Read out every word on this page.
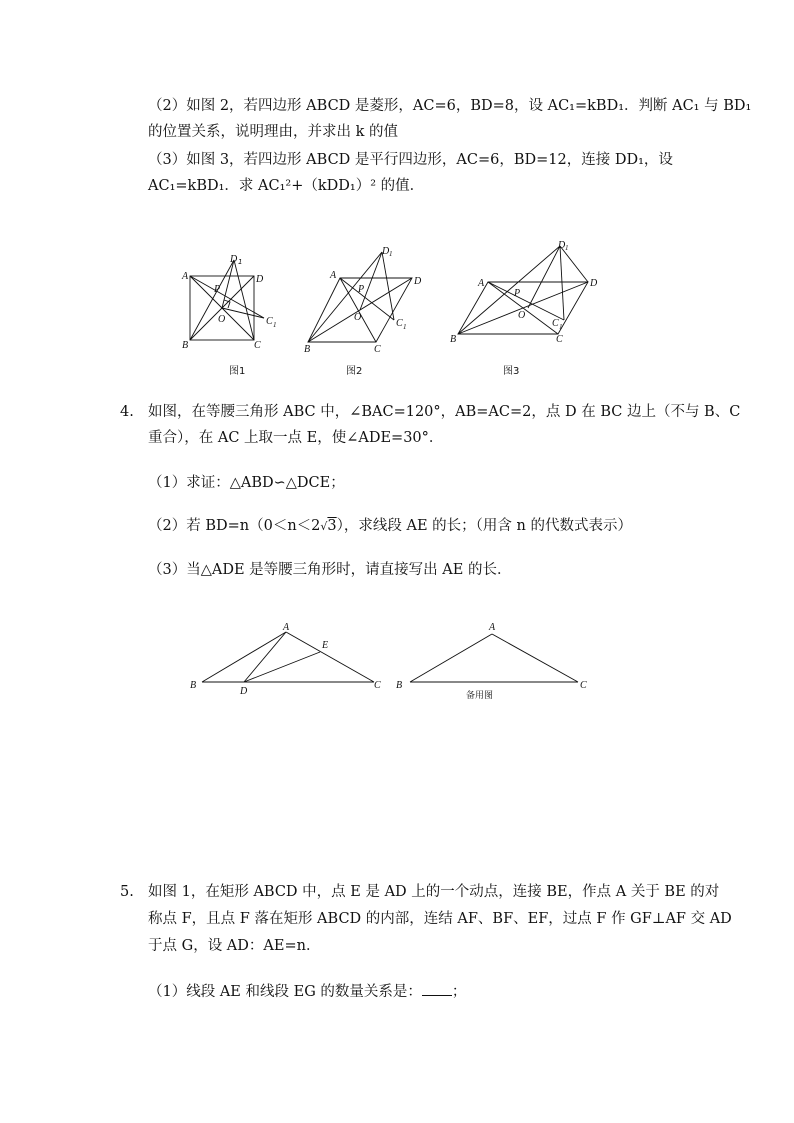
（2）如图 2，若四边形 ABCD 是菱形，AC=6，BD=8，设 AC₁=kBD₁．判断 AC₁ 与 BD₁
的位置关系，说明理由，并求出 k 的值
（3）如图 3，若四边形 ABCD 是平行四边形，AC=6，BD=12，连接 DD₁，设
AC₁=kBD₁．求 AC₁²+（kDD₁）² 的值．
A	D
B	C
D 1
C 1
P
O
图1
A
D
B	C
D 1
C 1
P
O
图2
A	D
B	C
D 1
C 1
P
O
图3
4. 如图，在等腰三角形 ABC 中，∠BAC=120°，AB=AC=2，点 D 在 BC 边上（不与 B、C
重合），在 AC 上取一点 E，使∠ADE=30°．
（1）求证：△ABD∽△DCE；
（2）若 BD=n（0＜n＜2√3），求线段 AE 的长；（用含 n 的代数式表示）
（3）当△ADE 是等腰三角形时，请直接写出 AE 的长．
A
B	C
D
E
A
B	C
备用图
5. 如图 1，在矩形 ABCD 中，点 E 是 AD 上的一个动点，连接 BE，作点 A 关于 BE 的对
称点 F，且点 F 落在矩形 ABCD 的内部，连结 AF、BF、EF，过点 F 作 GF⊥AF 交 AD
于点 G，设 AD：AE=n．
（1）线段 AE 和线段 EG 的数量关系是： ；
